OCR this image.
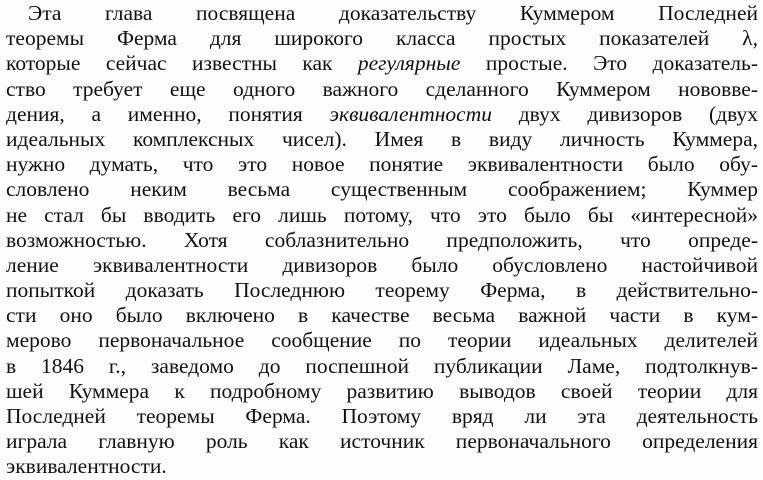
Эта глава посвящена доказательству Куммером Последней
теоремы Ферма для широкого класса простых показателей λ,
которые сейчас известны как регулярные простые. Это доказатель-
ство требует еще одного важного сделанного Куммером нововве-
дения, а именно, понятия эквивалентности двух дивизоров (двух
идеальных комплексных чисел). Имея в виду личность Куммера,
нужно думать, что это новое понятие эквивалентности было обу-
словлено неким весьма существенным соображением; Куммер
не стал бы вводить его лишь потому, что это было бы «интересной»
возможностью. Хотя соблазнительно предположить, что опреде-
ление эквивалентности дивизоров было обусловлено настойчивой
попыткой доказать Последнюю теорему Ферма, в действительно-
сти оно было включено в качестве весьма важной части в кум-
мерово первоначальное сообщение по теории идеальных делителей
в 1846 г., заведомо до поспешной публикации Ламе, подтолкнув-
шей Куммера к подробному развитию выводов своей теории для
Последней теоремы Ферма. Поэтому вряд ли эта деятельность
играла главную роль как источник первоначального определения
эквивалентности.
